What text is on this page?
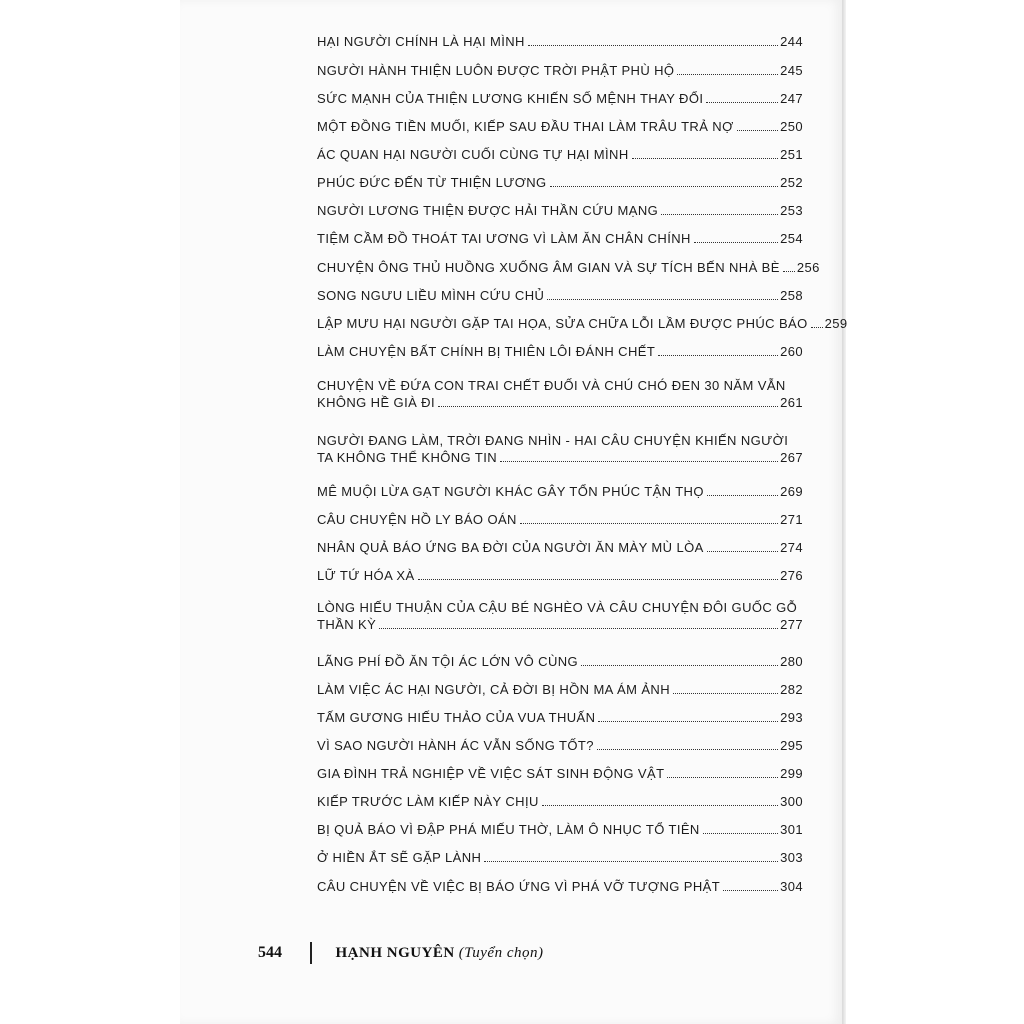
HẠI NGƯỜI CHÍNH LÀ HẠI MÌNH	244
NGƯỜI HÀNH THIỆN LUÔN ĐƯỢC TRỜI PHẬT PHÙ HỘ	245
SỨC MẠNH CỦA THIỆN LƯƠNG KHIẾN SỐ MỆNH THAY ĐỔI	247
MỘT ĐỒNG TIỀN MUỐI, KIẾP SAU ĐẦU THAI LÀM TRÂU TRẢ NỢ	250
ÁC QUAN HẠI NGƯỜI CUỐI CÙNG TỰ HẠI MÌNH	251
PHÚC ĐỨC ĐẾN TỪ THIỆN LƯƠNG	252
NGƯỜI LƯƠNG THIỆN ĐƯỢC HẢI THẦN CỨU MẠNG	253
TIỆM CẦM ĐỒ THOÁT TAI ƯƠNG VÌ LÀM ĂN CHÂN CHÍNH	254
CHUYỆN ÔNG THỦ HUỒNG XUỐNG ÂM GIAN VÀ SỰ TÍCH BẾN NHÀ BÈ 256
SONG NGƯU LIỀU MÌNH CỨU CHỦ	258
LẬP MƯU HẠI NGƯỜI GẶP TAI HỌA, SỬA CHỮA LỖI LẦM ĐƯỢC PHÚC BÁO 259
LÀM CHUYỆN BẤT CHÍNH BỊ THIÊN LÔI ĐÁNH CHẾT	260
CHUYỆN VỀ ĐỨA CON TRAI CHẾT ĐUỐI VÀ CHÚ CHÓ ĐEN 30 NĂM VẪN
KHÔNG HỀ GIÀ ĐI	261
NGƯỜI ĐANG LÀM, TRỜI ĐANG NHÌN - HAI CÂU CHUYỆN KHIẾN NGƯỜI
TA KHÔNG THỂ KHÔNG TIN	267
MÊ MUỘI LỪA GẠT NGƯỜI KHÁC GÂY TỔN PHÚC TẬN THỌ	269
CÂU CHUYỆN HỒ LY BÁO OÁN	271
NHÂN QUẢ BÁO ỨNG BA ĐỜI CỦA NGƯỜI ĂN MÀY MÙ LÒA	274
LỮ TỨ HÓA XÀ	276
LÒNG HIẾU THUẬN CỦA CẬU BÉ NGHÈO VÀ CÂU CHUYỆN ĐÔI GUỐC GỖ
THẦN KỲ	277
LÃNG PHÍ ĐỒ ĂN TỘI ÁC LỚN VÔ CÙNG	280
LÀM VIỆC ÁC HẠI NGƯỜI, CẢ ĐỜI BỊ HỒN MA ÁM ẢNH	282
TẤM GƯƠNG HIẾU THẢO CỦA VUA THUẤN	293
VÌ SAO NGƯỜI HÀNH ÁC VẪN SỐNG TỐT?	295
GIA ĐÌNH TRẢ NGHIỆP VỀ VIỆC SÁT SINH ĐỘNG VẬT	299
KIẾP TRƯỚC LÀM KIẾP NÀY CHỊU	300
BỊ QUẢ BÁO VÌ ĐẬP PHÁ MIẾU THỜ, LÀM Ô NHỤC TỔ TIÊN	301
Ở HIỀN ẮT SẼ GẶP LÀNH	303
CÂU CHUYỆN VỀ VIỆC BỊ BÁO ỨNG VÌ PHÁ VỠ TƯỢNG PHẬT	304
544	HẠNH NGUYÊN (Tuyển chọn)
